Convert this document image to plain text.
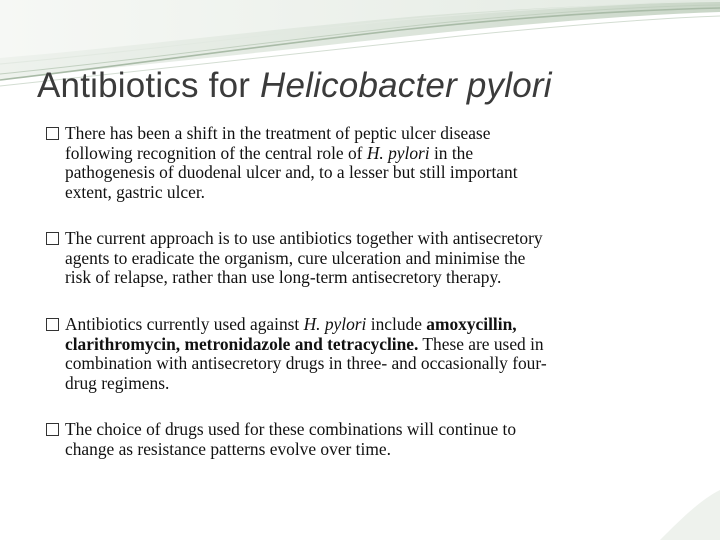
Antibiotics for Helicobacter pylori

There has been a shift in the treatment of peptic ulcer disease
following recognition of the central role of H. pylori in the
pathogenesis of duodenal ulcer and, to a lesser but still important
extent, gastric ulcer.

The current approach is to use antibiotics together with antisecretory
agents to eradicate the organism, cure ulceration and minimise the
risk of relapse, rather than use long-term antisecretory therapy.

Antibiotics currently used against H. pylori include amoxycillin,
clarithromycin, metronidazole and tetracycline. These are used in
combination with antisecretory drugs in three- and occasionally four-
drug regimens.

The choice of drugs used for these combinations will continue to
change as resistance patterns evolve over time.
